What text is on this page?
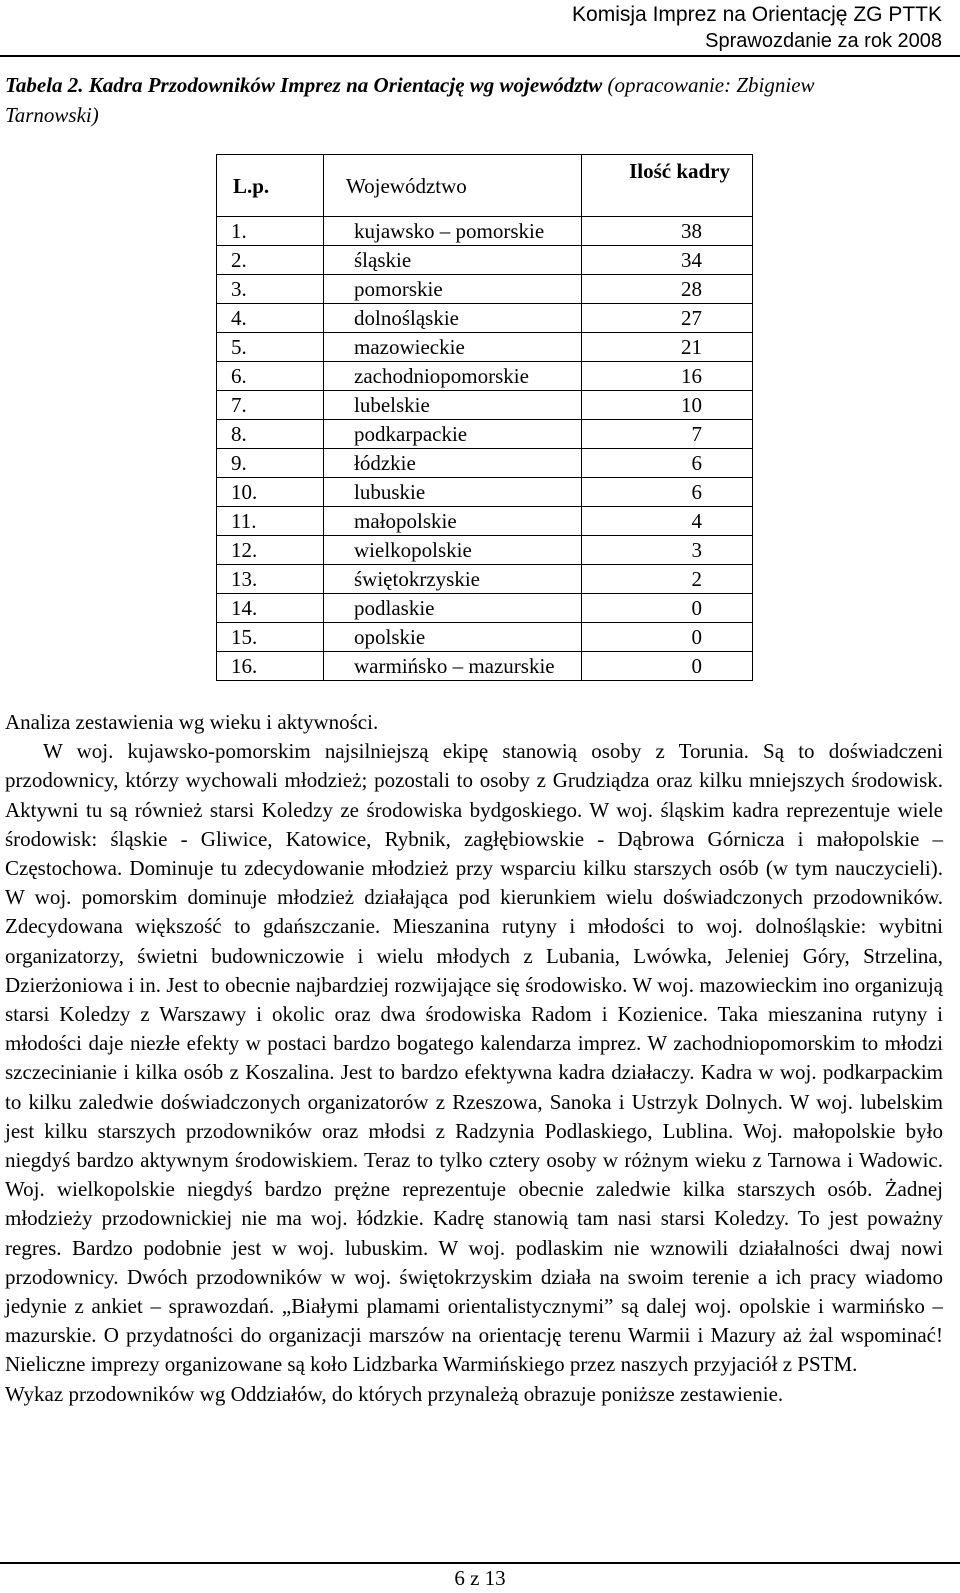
Komisja Imprez na Orientację ZG PTTK
Sprawozdanie za rok 2008
Tabela 2. Kadra Przodowników Imprez na Orientację wg województw (opracowanie: Zbigniew Tarnowski)
L.p.	Województwo	Ilość kadry
1.	kujawsko – pomorskie	38
2.	śląskie	34
3.	pomorskie	28
4.	dolnośląskie	27
5.	mazowieckie	21
6.	zachodniopomorskie	16
7.	lubelskie	10
8.	podkarpackie	7
9.	łódzkie	6
10.	lubuskie	6
11.	małopolskie	4
12.	wielkopolskie	3
13.	świętokrzyskie	2
14.	podlaskie	0
15.	opolskie	0
16.	warmińsko – mazurskie	0

Analiza zestawienia wg wieku i aktywności.

W woj. kujawsko-pomorskim najsilniejszą ekipę stanowią osoby z Torunia. Są to doświadczeni przodownicy, którzy wychowali młodzież; pozostali to osoby z Grudziądza oraz kilku mniejszych środowisk. Aktywni tu są również starsi Koledzy ze środowiska bydgoskiego. W woj. śląskim kadra reprezentuje wiele środowisk: śląskie - Gliwice, Katowice, Rybnik, zagłębiowskie - Dąbrowa Górnicza i małopolskie – Częstochowa. Dominuje tu zdecydowanie młodzież przy wsparciu kilku starszych osób (w tym nauczycieli). W woj. pomorskim dominuje młodzież działająca pod kierunkiem wielu doświadczonych przodowników. Zdecydowana większość to gdańszczanie. Mieszanina rutyny i młodości to woj. dolnośląskie: wybitni organizatorzy, świetni budowniczowie i wielu młodych z Lubania, Lwówka, Jeleniej Góry, Strzelina, Dzierżoniowa i in. Jest to obecnie najbardziej rozwijające się środowisko. W woj. mazowieckim ino organizują starsi Koledzy z Warszawy i okolic oraz dwa środowiska Radom i Kozienice. Taka mieszanina rutyny i młodości daje niezłe efekty w postaci bardzo bogatego kalendarza imprez. W zachodniopomorskim to młodzi szczecinianie i kilka osób z Koszalina. Jest to bardzo efektywna kadra działaczy. Kadra w woj. podkarpackim to kilku zaledwie doświadczonych organizatorów z Rzeszowa, Sanoka i Ustrzyk Dolnych. W woj. lubelskim jest kilku starszych przodowników oraz młodsi z Radzynia Podlaskiego, Lublina. Woj. małopolskie było niegdyś bardzo aktywnym środowiskiem. Teraz to tylko cztery osoby w różnym wieku z Tarnowa i Wadowic. Woj. wielkopolskie niegdyś bardzo prężne reprezentuje obecnie zaledwie kilka starszych osób. Żadnej młodzieży przodownickiej nie ma woj. łódzkie. Kadrę stanowią tam nasi starsi Koledzy. To jest poważny regres. Bardzo podobnie jest w woj. lubuskim. W woj. podlaskim nie wznowili działalności dwaj nowi przodownicy. Dwóch przodowników w woj. świętokrzyskim działa na swoim terenie a ich pracy wiadomo jedynie z ankiet – sprawozdań. „Białymi plamami orientalistycznymi” są dalej woj. opolskie i warmińsko – mazurskie. O przydatności do organizacji marszów na orientację terenu Warmii i Mazury aż żal wspominać! Nieliczne imprezy organizowane są koło Lidzbarka Warmińskiego przez naszych przyjaciół z PSTM.

Wykaz przodowników wg Oddziałów, do których przynależą obrazuje poniższe zestawienie.

6 z 13
